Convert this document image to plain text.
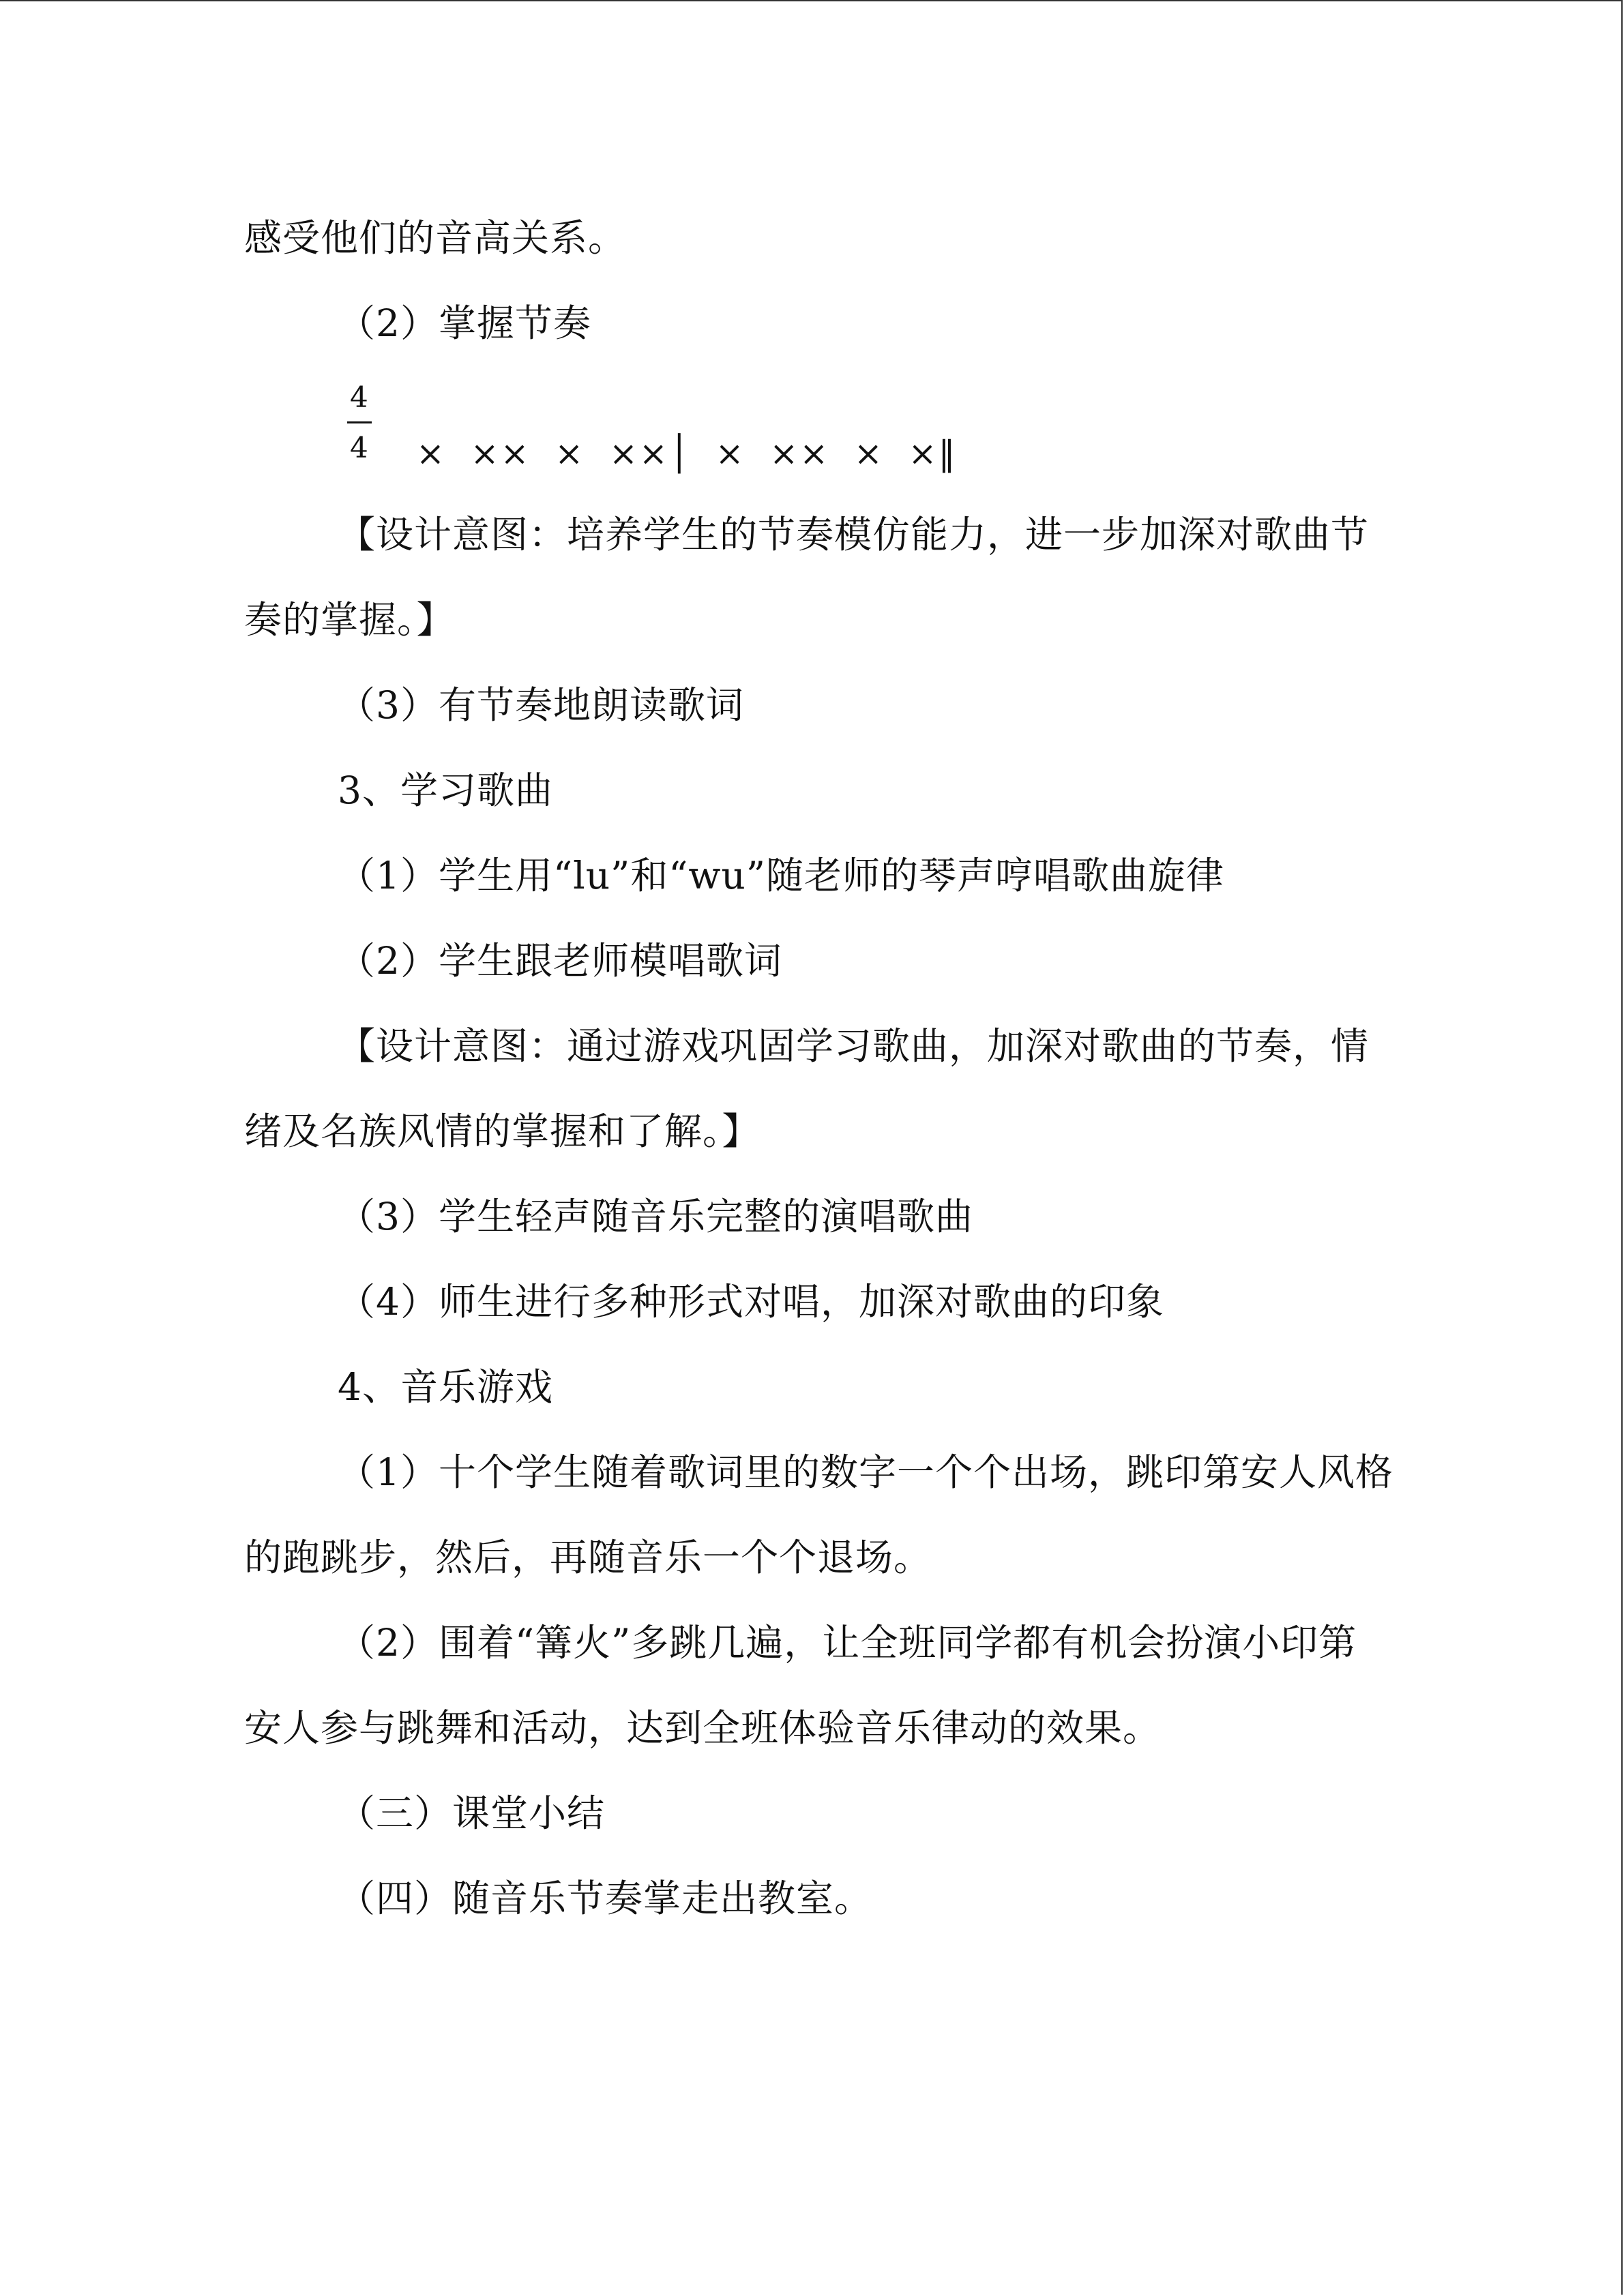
感受他们的音高关系。
（2）掌握节奏
4
4 ×  ××  ×  ××│  ×  ××  ×  ×‖
【设计意图：培养学生的节奏模仿能力，进一步加深对歌曲节
奏的掌握。】
（3）有节奏地朗读歌词
3、学习歌曲
（1）学生用“lu”和“wu”随老师的琴声哼唱歌曲旋律
（2）学生跟老师模唱歌词
【设计意图：通过游戏巩固学习歌曲，加深对歌曲的节奏，情
绪及名族风情的掌握和了解。】
（3）学生轻声随音乐完整的演唱歌曲
（4）师生进行多种形式对唱，加深对歌曲的印象
4、音乐游戏
（1）十个学生随着歌词里的数字一个个出场，跳印第安人风格
的跑跳步，然后，再随音乐一个个退场。
（2）围着“篝火”多跳几遍，让全班同学都有机会扮演小印第
安人参与跳舞和活动，达到全班体验音乐律动的效果。
（三）课堂小结
（四）随音乐节奏掌走出教室。
